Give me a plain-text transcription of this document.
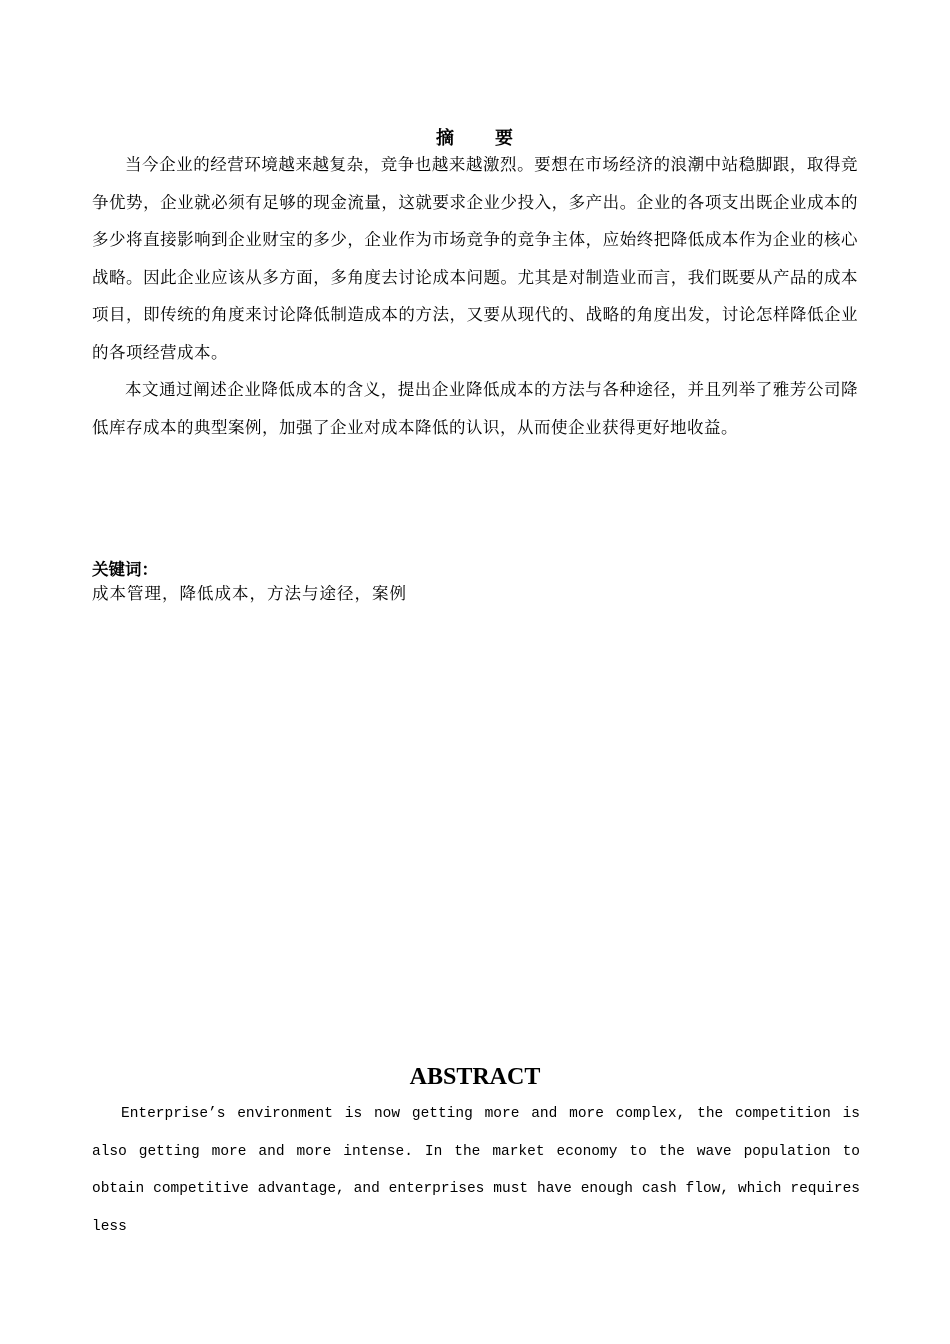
摘 要

当今企业的经营环境越来越复杂，竞争也越来越激烈。要想在市场经济的浪潮中站稳脚跟，取得竞争优势，企业就必须有足够的现金流量，这就要求企业少投入，多产出。企业的各项支出既企业成本的多少将直接影响到企业财宝的多少，企业作为市场竞争的竞争主体，应始终把降低成本作为企业的核心战略。因此企业应该从多方面，多角度去讨论成本问题。尤其是对制造业而言，我们既要从产品的成本项目，即传统的角度来讨论降低制造成本的方法，又要从现代的、战略的角度出发，讨论怎样降低企业的各项经营成本。

本文通过阐述企业降低成本的含义，提出企业降低成本的方法与各种途径，并且列举了雅芳公司降低库存成本的典型案例，加强了企业对成本降低的认识，从而使企业获得更好地收益。

关键词：

成本管理，降低成本，方法与途径，案例

ABSTRACT

Enterprise’s environment is now getting more and more complex, the competition is also getting more and more intense. In the market economy to the wave population to obtain competitive advantage, and enterprises must have enough cash flow, which requires less
